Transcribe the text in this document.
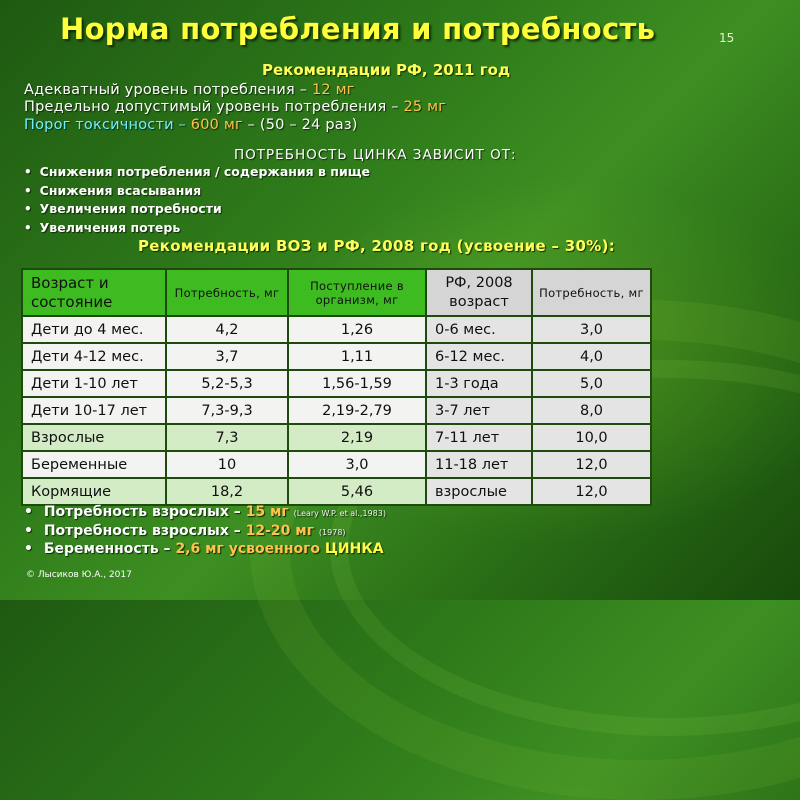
Норма потребления и потребность	15
Рекомендации РФ, 2011 год
Адекватный уровень потребления – 12 мг
Предельно допустимый уровень потребления – 25 мг
Порог токсичности – 600 мг – (50 – 24 раз)
ПОТРЕБНОСТЬ ЦИНКА ЗАВИСИТ ОТ:
• Снижения потребления / содержания в пище
• Снижения всасывания
• Увеличения потребности
• Увеличения потерь
Рекомендации ВОЗ и РФ, 2008 год (усвоение – 30%):
Возраст и состояние	Потребность, мг	Поступление в организм, мг	РФ, 2008 возраст	Потребность, мг
Дети до 4 мес.	4,2	1,26	0-6 мес.	3,0
Дети 4-12 мес.	3,7	1,11	6-12 мес.	4,0
Дети 1-10 лет	5,2-5,3	1,56-1,59	1-3 года	5,0
Дети 10-17 лет	7,3-9,3	2,19-2,79	3-7 лет	8,0
Взрослые	7,3	2,19	7-11 лет	10,0
Беременные	10	3,0	11-18 лет	12,0
Кормящие	18,2	5,46	взрослые	12,0
• Потребность взрослых – 15 мг (Leary W.P. et al.,1983)
• Потребность взрослых – 12-20 мг (1978)
• Беременность – 2,6 мг усвоенного ЦИНКА
© Лысиков Ю.А., 2017
